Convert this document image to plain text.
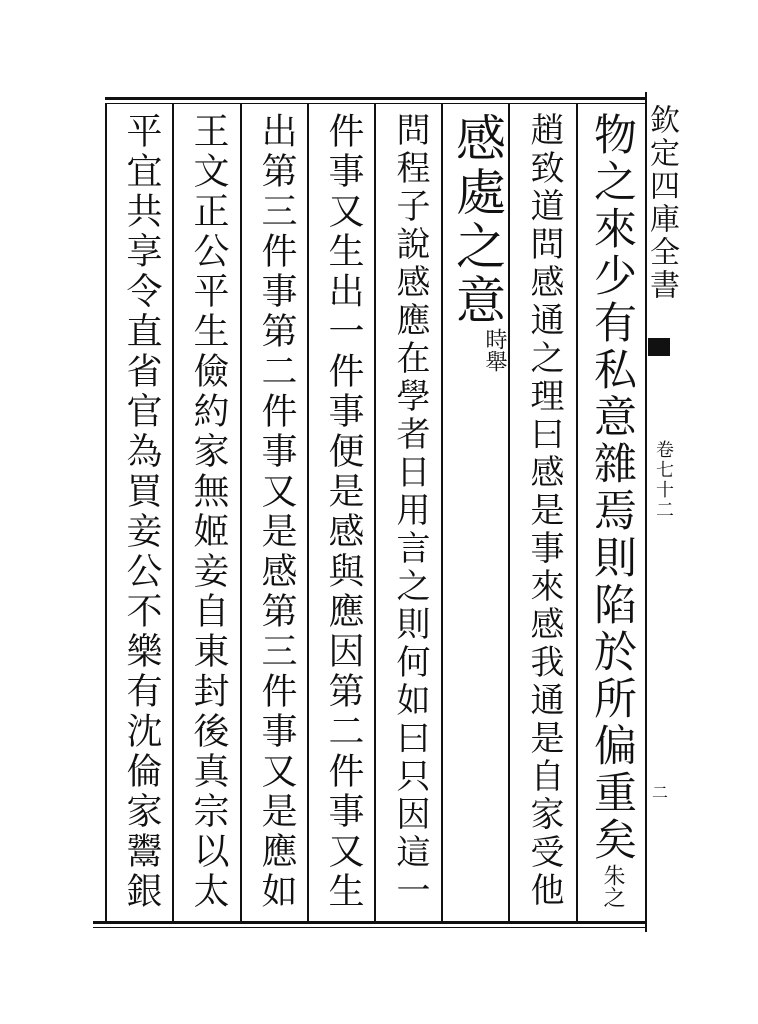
物之來少有私意雜焉則陷於所偏重矣
朱之
趙致道問感通之理曰感是事來感我通是自家受他
感處之意
時舉
問程子說感應在學者日用言之則何如曰只因這一
件事又生出一件事便是感與應因第二件事又生
出第三件事第二件事又是感第三件事又是應如
王文正公平生儉約家無姬妾自東封後真宗以太
平宜共享令直省官為買妾公不樂有沈倫家鬻銀	欽定四庫全書
卷七十二
二
